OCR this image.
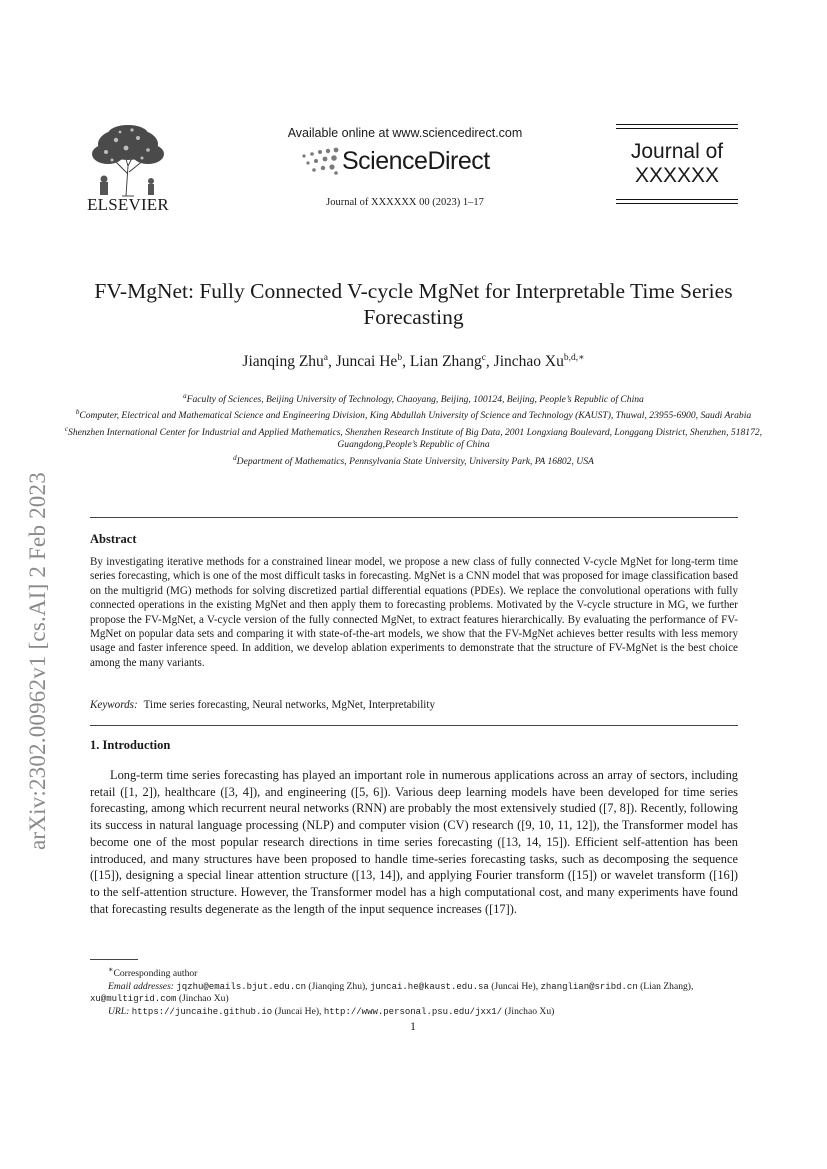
arXiv:2302.00962v1 [cs.AI] 2 Feb 2023
ELSEVIER
Available online at www.sciencedirect.com
ScienceDirect
Journal of XXXXXX 00 (2023) 1–17
Journal of
XXXXXX
FV-MgNet: Fully Connected V-cycle MgNet for Interpretable Time Series Forecasting
Jianqing Zhu$^a$, Juncai He$^b$, Lian Zhang$^c$, Jinchao $Xu^{b,d,∗}$

$^a$Faculty of Sciences, Beijing University of Technology, Chaoyang, Beijing, 100124, Beijing, People’s Republic of China

$^b$Computer, Electrical and Mathematical Science and Engineering Division, King Abdullah University of Science and Technology (KAUST), Thuwal, 23955-6900, Saudi Arabia

$^c$Shenzhen International Center for Industrial and Applied Mathematics, Shenzhen Research Institute of Big Data, 2001 Longxiang Boulevard, Longgang District, Shenzhen, 518172, Guangdong,People’s Republic of China

$^d$Department of Mathematics, Pennsylvania State University, University Park, PA 16802, USA

Abstract
By investigating iterative methods for a constrained linear model, we propose a new class of fully connected V-cycle MgNet for long-term time series forecasting, which is one of the most difficult tasks in forecasting. MgNet is a CNN model that was proposed for image classification based on the multigrid (MG) methods for solving discretized partial differential equations (PDEs). We replace the convolutional operations with fully connected operations in the existing MgNet and then apply them to forecasting problems. Motivated by the V-cycle structure in MG, we further propose the FV-MgNet, a V-cycle version of the fully connected MgNet, to extract features hierarchically. By evaluating the performance of FV-MgNet on popular data sets and comparing it with state-of-the-art models, we show that the FV-MgNet achieves better results with less memory usage and faster inference speed. In addition, we develop ablation experiments to demonstrate that the structure of FV-MgNet is the best choice among the many variants.
Keywords: Time series forecasting, Neural networks, MgNet, Interpretability
1. Introduction
Long-term time series forecasting has played an important role in numerous applications across an array of sectors, including retail ([1, 2]), healthcare ([3, 4]), and engineering ([5, 6]). Various deep learning models have been developed for time series forecasting, among which recurrent neural networks (RNN) are probably the most extensively studied ([7, 8]). Recently, following its success in natural language processing (NLP) and computer vision (CV) research ([9, 10, 11, 12]), the Transformer model has become one of the most popular research directions in time series forecasting ([13, 14, 15]). Efficient self-attention has been introduced, and many structures have been proposed to handle time-series forecasting tasks, such as decomposing the sequence ([15]), designing a special linear attention structure ([13, 14]), and applying Fourier transform ([15]) or wavelet transform ([16]) to the self-attention structure. However, the Transformer model has a high computational cost, and many experiments have found that forecasting results degenerate as the length of the input sequence increases ([17]).

∗Corresponding author

Email addresses: jqzhu@emails.bjut.edu.cn (Jianqing Zhu), juncai.he@kaust.edu.sa (Juncai He), zhanglian@sribd.cn (Lian Zhang), xu@multigrid.com (Jinchao Xu)

URL: https://juncaihe.github.io (Juncai He), http://www.personal.psu.edu/jxx1/ (Jinchao Xu)

1
